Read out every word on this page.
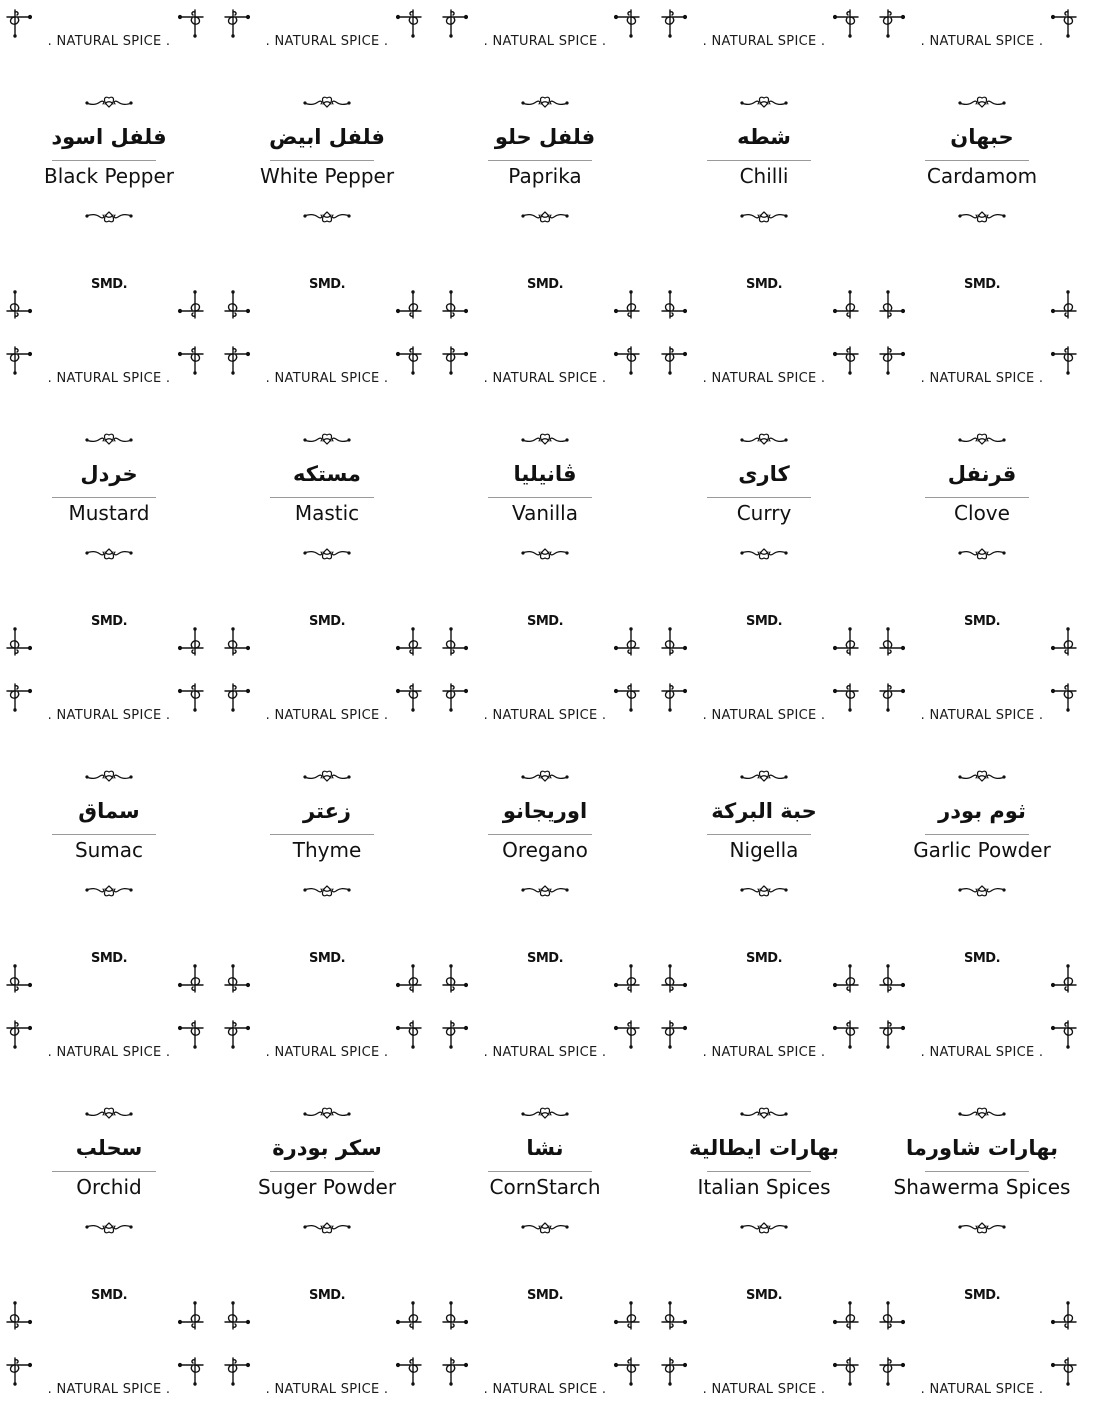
. NATURAL SPICE .
فلفل اسود
Black Pepper
SMD.
. NATURAL SPICE .
فلفل ابيض
White Pepper
SMD.
. NATURAL SPICE .
فلفل حلو
Paprika
SMD.
. NATURAL SPICE .
شطه
Chilli
SMD.
. NATURAL SPICE .
حبهان
Cardamom
SMD.
. NATURAL SPICE .
خردل
Mustard
SMD.
. NATURAL SPICE .
مستكه
Mastic
SMD.
. NATURAL SPICE .
ڤانيليا
Vanilla
SMD.
. NATURAL SPICE .
كارى
Curry
SMD.
. NATURAL SPICE .
قرنفل
Clove
SMD.
. NATURAL SPICE .
سماق
Sumac
SMD.
. NATURAL SPICE .
زعتر
Thyme
SMD.
. NATURAL SPICE .
اوريجانو
Oregano
SMD.
. NATURAL SPICE .
حبة البركة
Nigella
SMD.
. NATURAL SPICE .
ثوم بودر
Garlic Powder
SMD.
. NATURAL SPICE .
سحلب
Orchid
SMD.
. NATURAL SPICE .
سكر بودرة
Suger Powder
SMD.
. NATURAL SPICE .
نشا
CornStarch
SMD.
. NATURAL SPICE .
بهارات ايطالية
Italian Spices
SMD.
. NATURAL SPICE .
بهارات شاورما
Shawerma Spices
SMD.
. NATURAL SPICE .	. NATURAL SPICE .	. NATURAL SPICE .	. NATURAL SPICE .	. NATURAL SPICE .
